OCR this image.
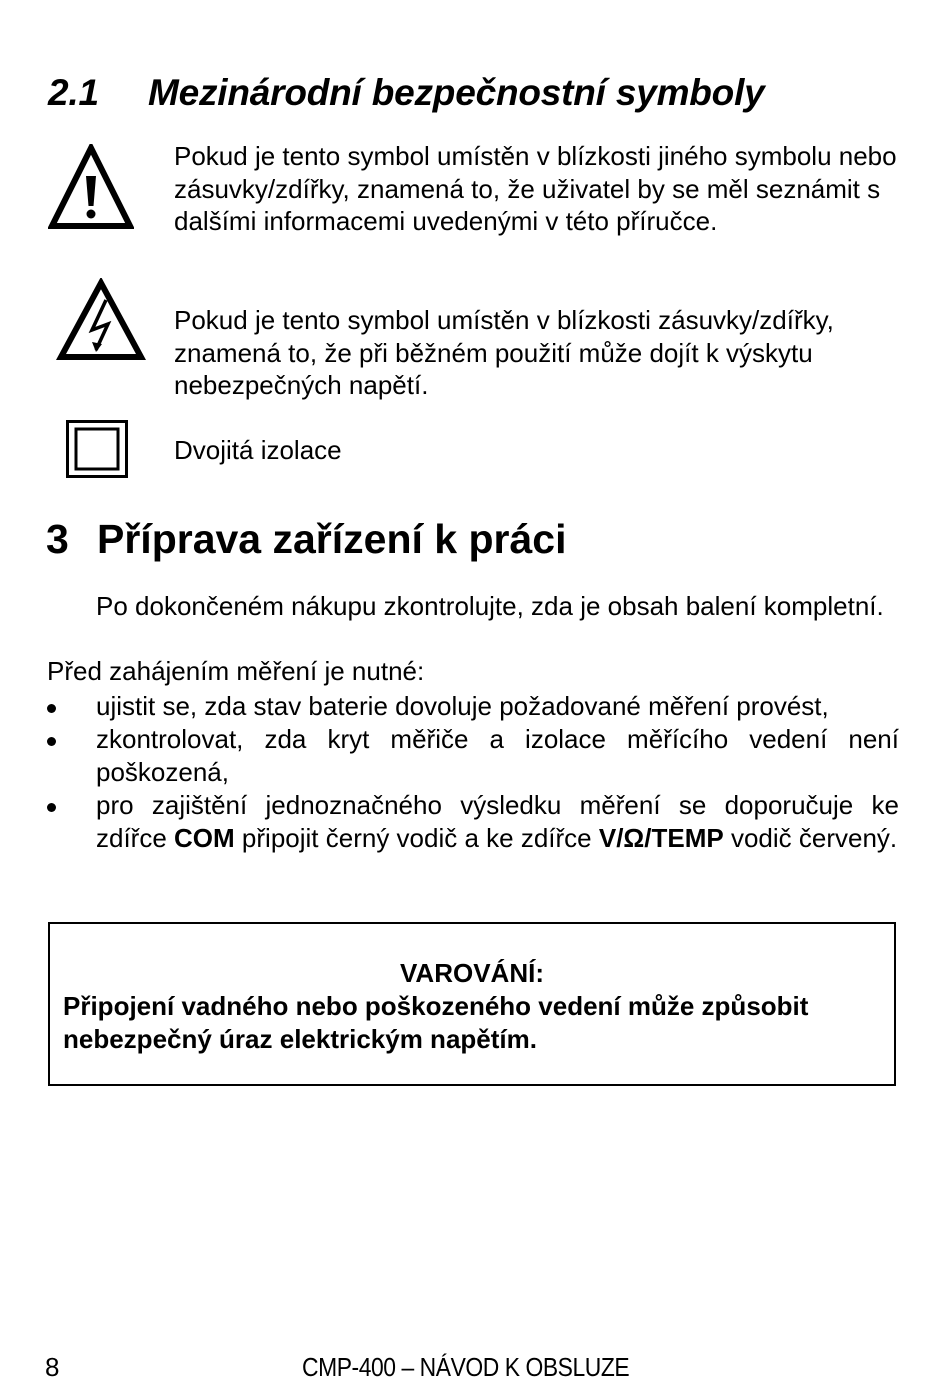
2.1 Mezinárodní bezpečnostní symboly

Pokud je tento symbol umístěn v blízkosti jiného symbolu nebo zásuvky/zdířky, znamená to, že uživatel by se měl seznámit s dalšími informacemi uvedenými v této příručce.

Pokud je tento symbol umístěn v blízkosti zásuvky/zdířky, znamená to, že při běžném použití může dojít k výskytu nebezpečných napětí.

Dvojitá izolace

3 Příprava zařízení k práci

Po dokončeném nákupu zkontrolujte, zda je obsah balení kompletní.

Před zahájením měření je nutné:

ujistit se, zda stav baterie dovoluje požadované měření provést,
zkontrolovat, zda kryt měřiče a izolace měřícího vedení není poškozená,
pro zajištění jednoznačného výsledku měření se doporučuje ke zdířce COM připojit černý vodič a ke zdířce V/Ω/TEMP vodič červený.

VAROVÁNÍ:

Připojení vadného nebo poškozeného vedení může způsobit nebezpečný úraz elektrickým napětím.

8	CMP-400 – NÁVOD K OBSLUZE
